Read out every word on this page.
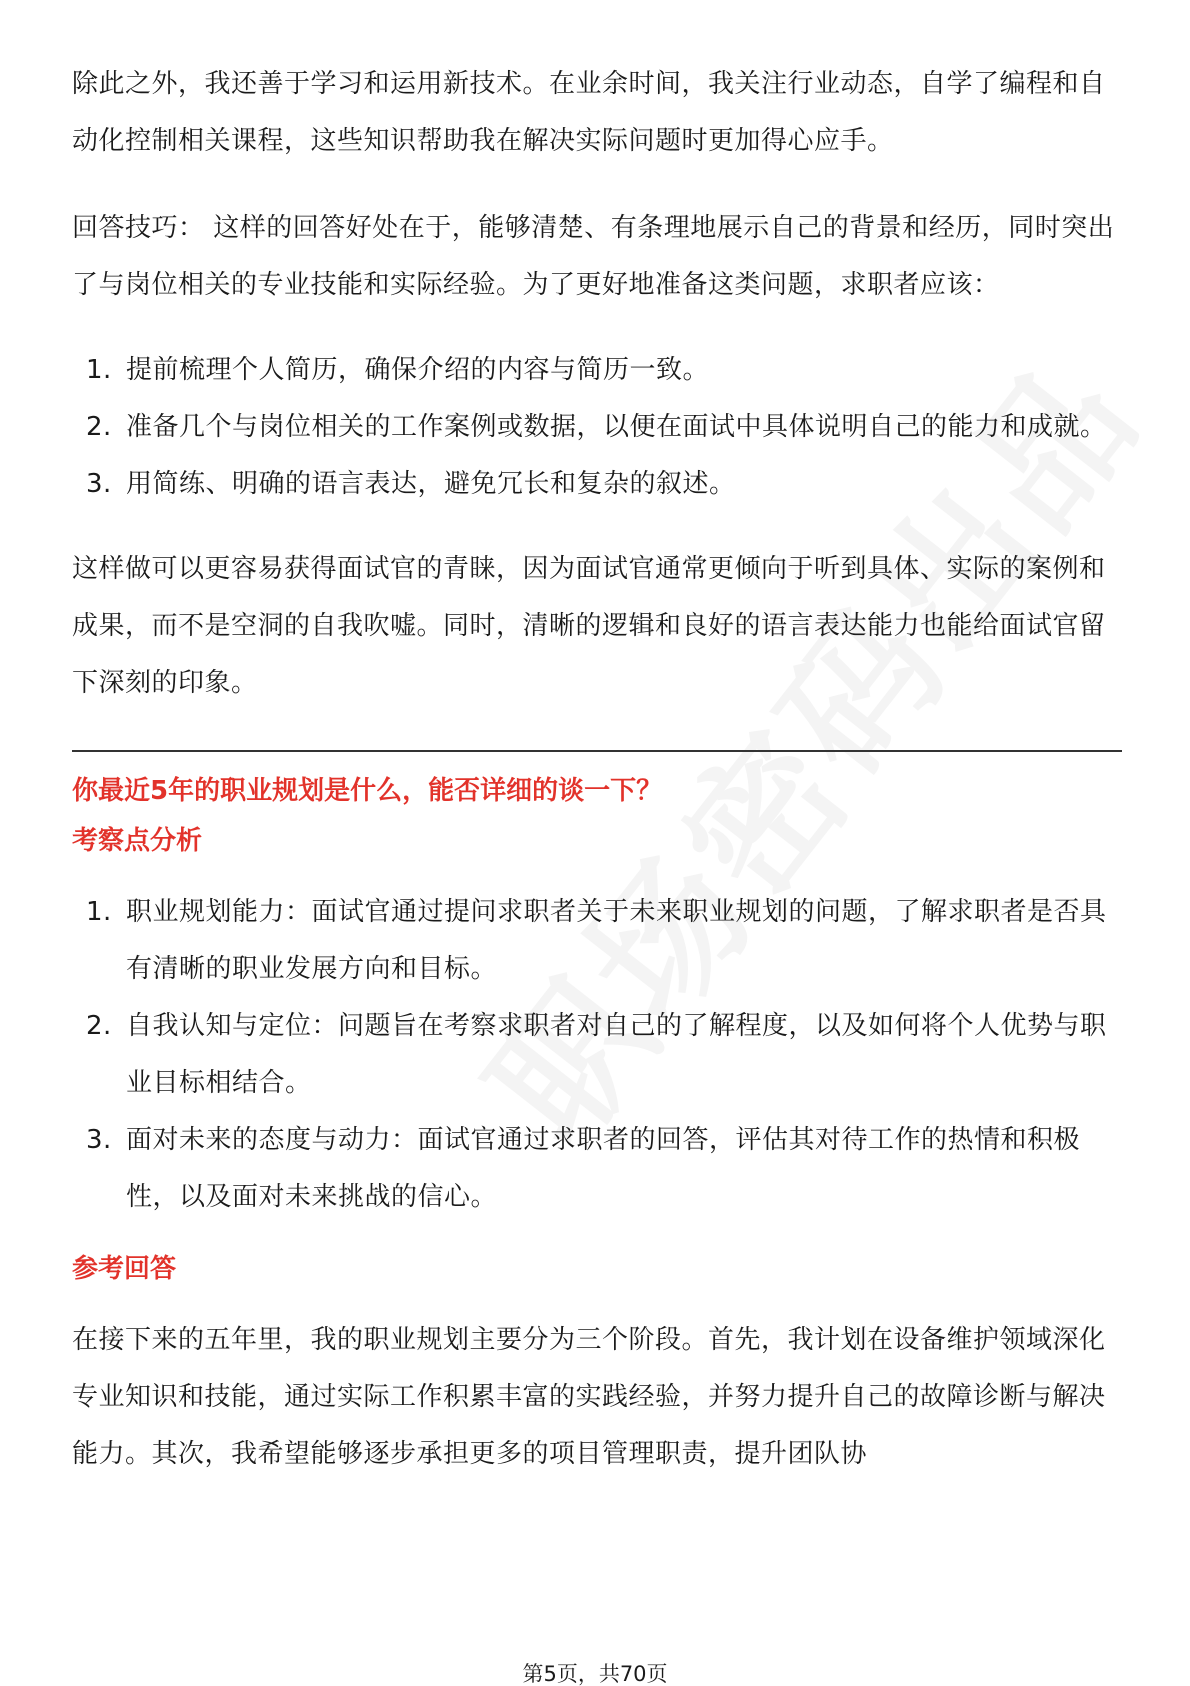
除此之外，我还善于学习和运用新技术。在业余时间，我关注行业动态，自学了编程和自动化控制相关课程，这些知识帮助我在解决实际问题时更加得心应手。

回答技巧： 这样的回答好处在于，能够清楚、有条理地展示自己的背景和经历，同时突出了与岗位相关的专业技能和实际经验。为了更好地准备这类问题，求职者应该：

1. 提前梳理个人简历，确保介绍的内容与简历一致。
2. 准备几个与岗位相关的工作案例或数据，以便在面试中具体说明自己的能力和成就。
3. 用简练、明确的语言表达，避免冗长和复杂的叙述。

这样做可以更容易获得面试官的青睐，因为面试官通常更倾向于听到具体、实际的案例和成果，而不是空洞的自我吹嘘。同时，清晰的逻辑和良好的语言表达能力也能给面试官留下深刻的印象。

你最近5年的职业规划是什么，能否详细的谈一下？

考察点分析

1. 职业规划能力：面试官通过提问求职者关于未来职业规划的问题，了解求职者是否具有清晰的职业发展方向和目标。
2. 自我认知与定位：问题旨在考察求职者对自己的了解程度，以及如何将个人优势与职业目标相结合。
3. 面对未来的态度与动力：面试官通过求职者的回答，评估其对待工作的热情和积极性，以及面对未来挑战的信心。

参考回答

在接下来的五年里，我的职业规划主要分为三个阶段。首先，我计划在设备维护领域深化专业知识和技能，通过实际工作积累丰富的实践经验，并努力提升自己的故障诊断与解决能力。其次，我希望能够逐步承担更多的项目管理职责，提升团队协

第5页，共70页
